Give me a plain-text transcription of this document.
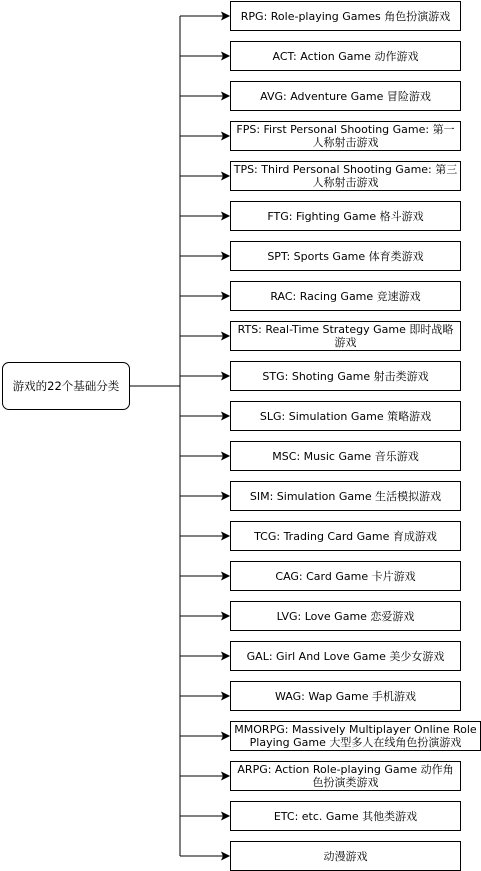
游戏的22个基础分类
RPG: Role-playing Games 角色扮演游戏
ACT: Action Game 动作游戏
AVG: Adventure Game 冒险游戏
FPS: First Personal Shooting Game: 第一人称射击游戏
TPS: Third Personal Shooting Game: 第三人称射击游戏
FTG: Fighting Game 格斗游戏
SPT: Sports Game 体育类游戏
RAC: Racing Game 竞速游戏
RTS: Real-Time Strategy Game 即时战略游戏
STG: Shoting Game 射击类游戏
SLG: Simulation Game 策略游戏
MSC: Music Game 音乐游戏
SIM: Simulation Game 生活模拟游戏
TCG: Trading Card Game 育成游戏
CAG: Card Game 卡片游戏
LVG: Love Game 恋爱游戏
GAL: Girl And Love Game 美少女游戏
WAG: Wap Game 手机游戏
MMORPG: Massively Multiplayer Online Role Playing Game 大型多人在线角色扮演游戏
ARPG: Action Role-playing Game 动作角色扮演类游戏
ETC: etc. Game 其他类游戏
动漫游戏
